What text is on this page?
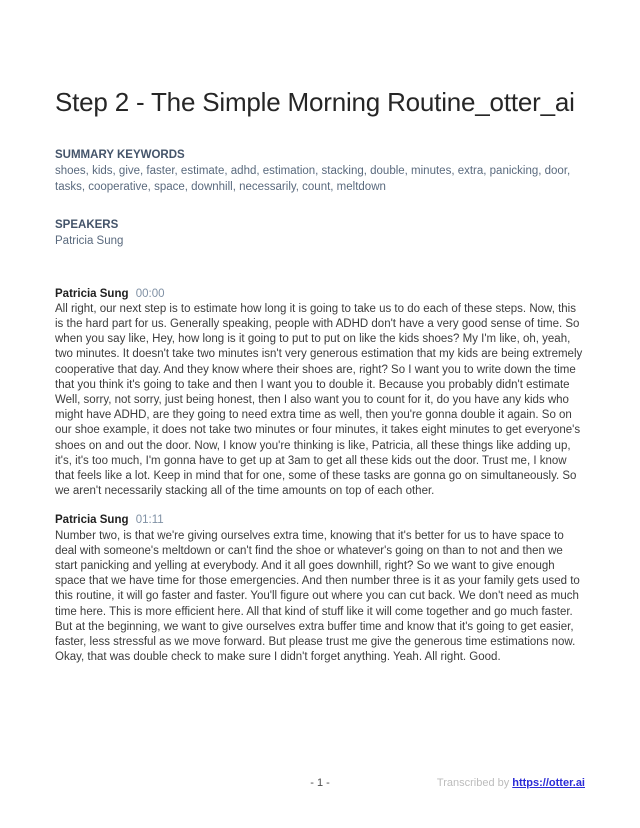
Step 2 - The Simple Morning Routine_otter_ai
SUMMARY KEYWORDS
shoes, kids, give, faster, estimate, adhd, estimation, stacking, double, minutes, extra, panicking, door, tasks, cooperative, space, downhill, necessarily, count, meltdown
SPEAKERS
Patricia Sung
Patricia Sung 00:00
All right, our next step is to estimate how long it is going to take us to do each of these steps. Now, this is the hard part for us. Generally speaking, people with ADHD don't have a very good sense of time. So when you say like, Hey, how long is it going to put to put on like the kids shoes? My I'm like, oh, yeah, two minutes. It doesn't take two minutes isn't very generous estimation that my kids are being extremely cooperative that day. And they know where their shoes are, right? So I want you to write down the time that you think it's going to take and then I want you to double it. Because you probably didn't estimate Well, sorry, not sorry, just being honest, then I also want you to count for it, do you have any kids who might have ADHD, are they going to need extra time as well, then you're gonna double it again. So on our shoe example, it does not take two minutes or four minutes, it takes eight minutes to get everyone's shoes on and out the door. Now, I know you're thinking is like, Patricia, all these things like adding up, it's, it's too much, I'm gonna have to get up at 3am to get all these kids out the door. Trust me, I know that feels like a lot. Keep in mind that for one, some of these tasks are gonna go on simultaneously. So we aren't necessarily stacking all of the time amounts on top of each other.
Patricia Sung 01:11
Number two, is that we're giving ourselves extra time, knowing that it's better for us to have space to deal with someone's meltdown or can't find the shoe or whatever's going on than to not and then we start panicking and yelling at everybody. And it all goes downhill, right? So we want to give enough space that we have time for those emergencies. And then number three is it as your family gets used to this routine, it will go faster and faster. You'll figure out where you can cut back. We don't need as much time here. This is more efficient here. All that kind of stuff like it will come together and go much faster. But at the beginning, we want to give ourselves extra buffer time and know that it's going to get easier, faster, less stressful as we move forward. But please trust me give the generous time estimations now. Okay, that was double check to make sure I didn't forget anything. Yeah. All right. Good.
- 1 -	Transcribed by https://otter.ai
